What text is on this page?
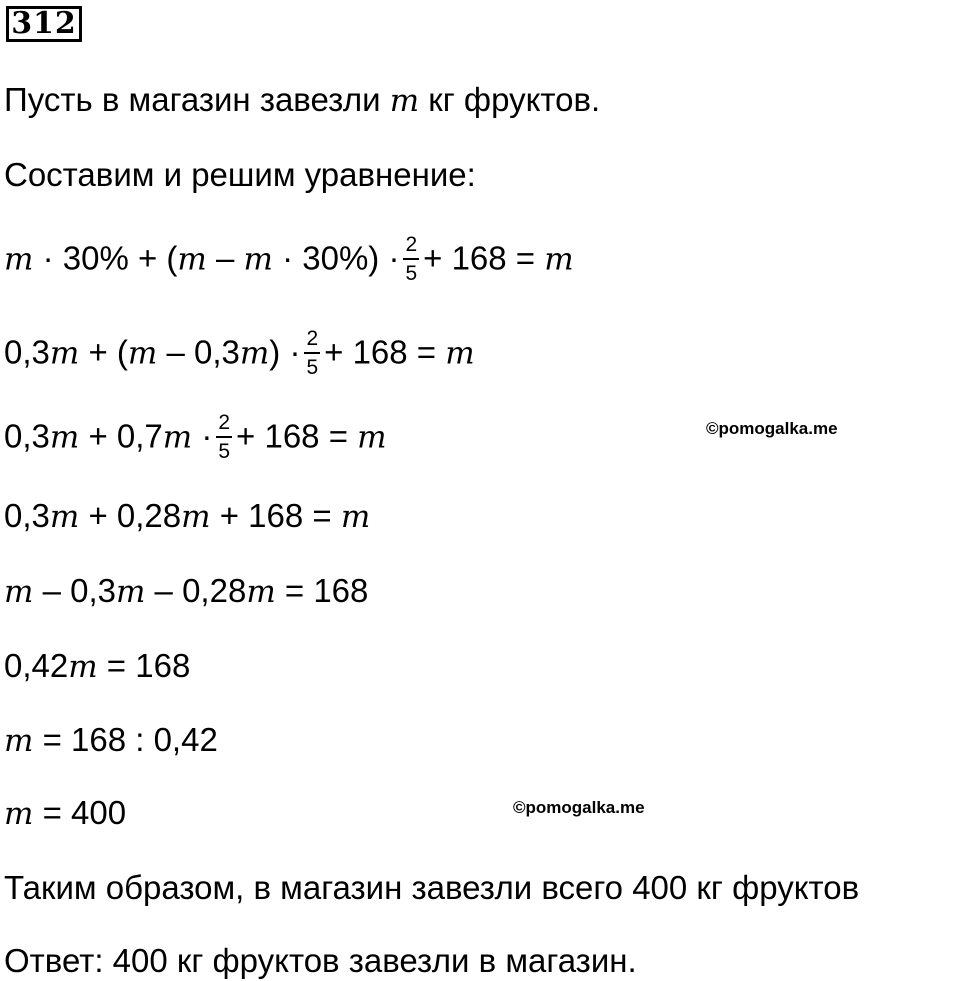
312
Пусть в магазин завезли m кг фруктов.
Составим и решим уравнение:
$m \cdot 30\% + (m - m \cdot 30\%) \cdot \frac{2}{5} + 168 = m$
$0,3m + (m - 0,3m) \cdot \frac{2}{5} + 168 = m$
$0,3m + 0,7m \cdot \frac{2}{5} + 168 = m$
0,3m + 0,28m + 168 = m
m – 0,3m – 0,28m = 168
0,42m = 168
m = 168 : 0,42
m = 400
Таким образом, в магазин завезли всего 400 кг фруктов
Ответ: 400 кг фруктов завезли в магазин.
©pomogalka.me
©pomogalka.me
